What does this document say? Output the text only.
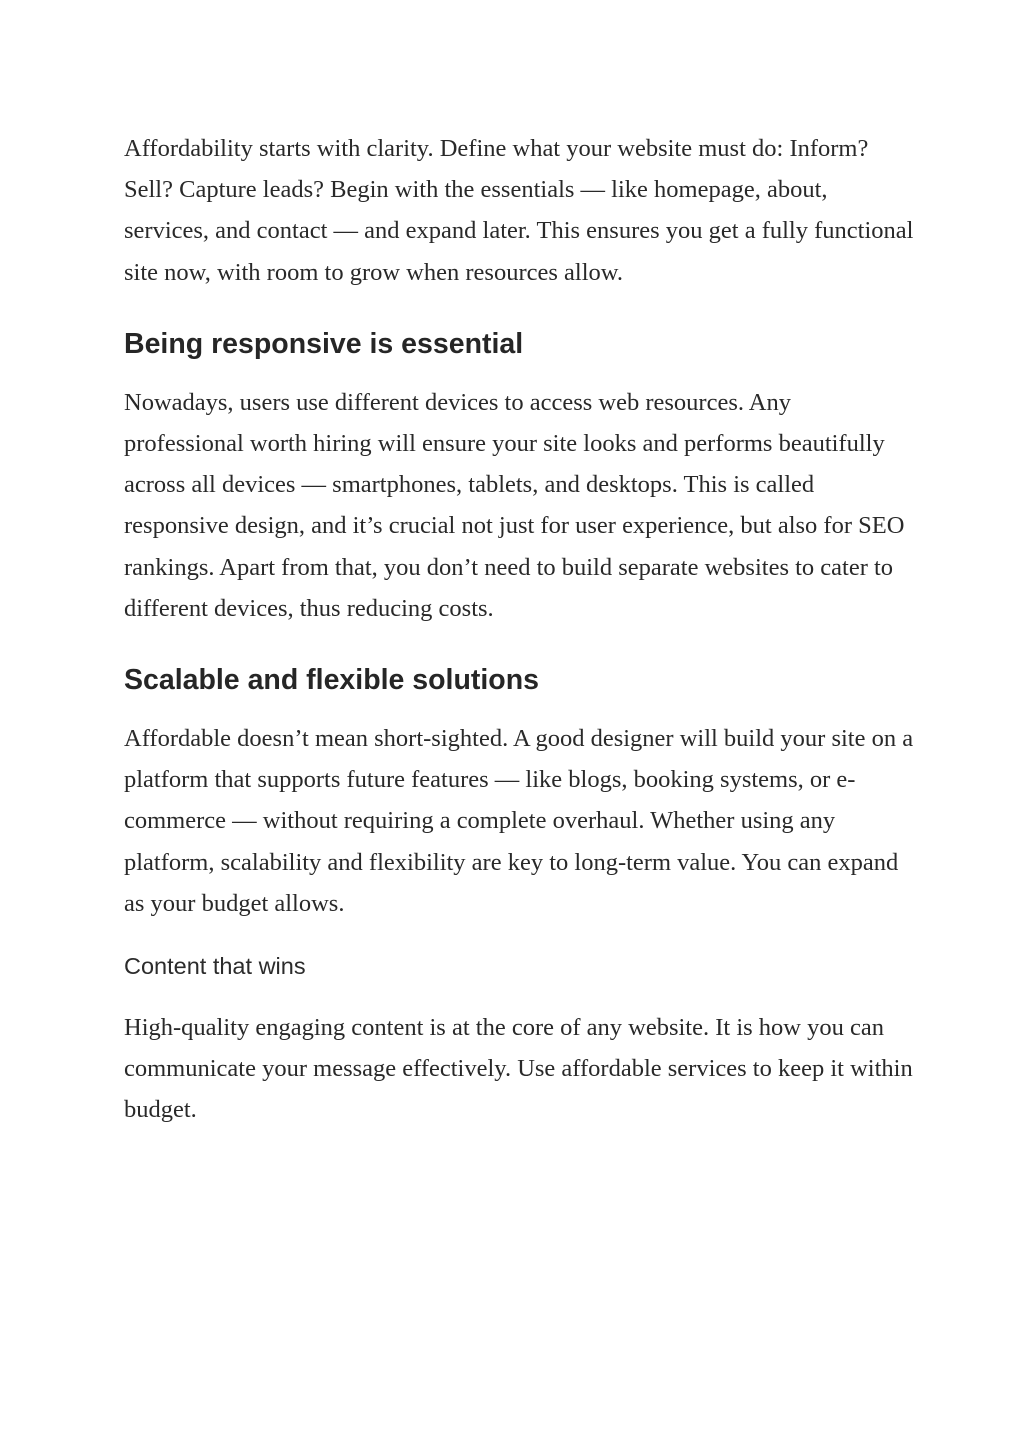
Affordability starts with clarity. Define what your website must do: Inform? Sell? Capture leads? Begin with the essentials — like homepage, about, services, and contact — and expand later. This ensures you get a fully functional site now, with room to grow when resources allow.

Being responsive is essential

Nowadays, users use different devices to access web resources. Any professional worth hiring will ensure your site looks and performs beautifully across all devices — smartphones, tablets, and desktops. This is called responsive design, and it’s crucial not just for user experience, but also for SEO rankings. Apart from that, you don’t need to build separate websites to cater to different devices, thus reducing costs.

Scalable and flexible solutions

Affordable doesn’t mean short-sighted. A good designer will build your site on a platform that supports future features — like blogs, booking systems, or e-commerce — without requiring a complete overhaul. Whether using any platform, scalability and flexibility are key to long-term value. You can expand as your budget allows.

Content that wins

High-quality engaging content is at the core of any website. It is how you can communicate your message effectively. Use affordable services to keep it within budget.
